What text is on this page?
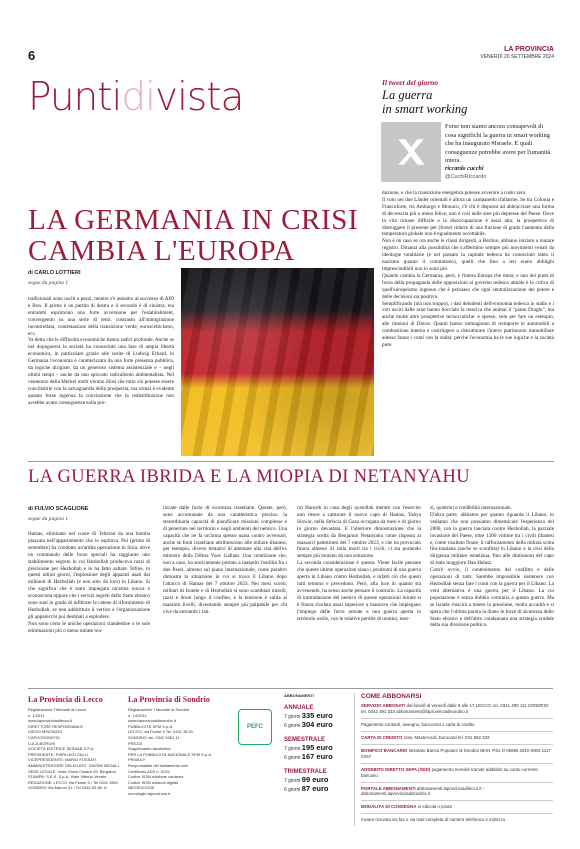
6	LA PROVINCIA
VENERDÌ 20 SETTEMBRE 2024
Puntidivista	Il tweet del giorno
La guerra
in smart working
Forse non siamo ancora consapevoli di cosa significhi la guerra in smart working che ha inaugurato #Israele. E quali conseguenze potrebbe avere per l'umanità intera.
riccardo cucchi
@CuchiRiccardo
LA GERMANIA IN CRISI
CAMBIA L'EUROPA
di CARLO LOTTIERI
segue da pagina 1
tradizionali sono usciti a pezzi, mentre s'è assistito al successo di AfD e Bsw. Il primo è un partito di destra e il secondo è di sinistra, ma entrambi esprimono una forte avversione per l'establishment, convergendo su una serie di temi: contrasto all'immigrazione incontrollata, contestazione della transizione verde, euroscetticismo, ecc.
Va detto che le difficoltà economiche hanno radici profonde. Anche se nel dopoguerra la società ha conosciuto una fase di ampia libertà economica, in particolare grazie alle scelte di Ludwig Erhard, in Germania l'economia è caratterizzata da una forte presenza pubblica, da logiche dirigiste, da un generoso sistema assistenziale e – negli ultimi tempi – anche da uno spiccato radicalismo ambientalista. Nel ventennio della Merkel molti s'erano illusi che tutto ciò potesse essere conciliabile con la salvaguardia della prosperità, ma ormai è evidente quanto fosse ingenua la convinzione che la redistribuzione non avrebbe avuto conseguenze sulla pro-
duzione, e che la transizione energetica potesse avvenire a costo zero.
Il voto nei due Länder orientali è allora un campanello d'allarme. Se tra Colonia e Francoforte, tra Amburgo e Monaco, c'è chi è disposto ad abbracciare una forma di decrescita più o meno felice, non è così nelle aree più depresse del Paese. Dove la vita rimane difficile e la disoccupazione è assai alta, la prospettiva di distruggere il presente per (forse) ridurre di una frazione di grado l'aumento della temperatura globale non è egualmente accettabile.
Non è un caso se ora anche le classi dirigenti, a Berlino, abbiano iniziato a mutare registro. Dinanzi alla possibilità che s'affermino sempre più movimenti venati da ideologie totalitarie (e nel passato la capitale tedesca ha conosciuto tanto il nazismo quanto il comunismo), quelli che fino a ieri erano obblighi imprescindibili non lo sono più.
Quando cambia la Germania, però, è l'intera Europa che muta; e uno dei punti di forza della propaganda delle opposizioni al governo tedesco attuale è la critica di quell'europeismo ingenuo che è persuaso che ogni centralizzazione del potere e delle decisioni sia positiva.
Semplificando (ma non troppo), i dati deludenti dell'economia tedesca in stallo e i voti usciti dalle urne hanno bocciato la retorica che animai il "piano Draghi", ma anche molte altre prospettive tecnocratiche: e spesso, solo per fare un esempio, alle riunioni di Davos. Quanti hanno immaginato di reimporre le automobili a combustione interna e costringere a ristrutturare l'intero patrimonio immobiliare adesso fanno i conti con la realtà: perché l'economia ha le sue logiche e la società pure.
LA GUERRA IBRIDA E LA MIOPIA DI NETANYAHU
di FULVIO SCAGLIONE
segue da pagina 1
Hamas, eliminato nel cuore di Teheran da una bomba piazzata nell'appartamento che lo ospitava. Poi (primo di settembre) ha condotto un'ardita operazione in Siria, dove un commando delle forze speciali ha raggiunto uno stabilimento segreto in cui Hezbollah produceva razzi di precisione per Hezbollah e lo ha fatto saltare. Infine, in questi ultimi giorni, l'esplosione degli apparati usati dai militanti di Hezbollah (e non solo da loro) in Libano. Si che significa che è stato impiegata un'arma nuova e sconosciuta oppure che i servizi segreti dello Stato ebraico sono stati in grado di infiltrare le catene di rifornimento di Hezbollah, se non addirittura il vertice e l'organizzazione gli apparecchi poi destinati a esplodere.
Non sono certo le uniche operazioni clandestine o le sole eliminazioni più o meno mirate rea-
lizzate dalle forze di sicurezza israeliane. Queste, però, sono accomunate da una caratteristica precisa: la straordinaria capacità di pianificare missioni complesse e di penetrare nel territorio e negli ambienti del nemico. Una capacità che ne fa un'arma spesso usata contro avversari, anche se fonti israeliane attribuiscono alle milizie libanesi, per esempio, diversi tentativi di attentare alla vita dell'ex ministro della Difesa Yoav Gallant. Una condizione che, non a caso, ha storicamente portato a inaspriti l'ostilità fra i due Paesi, almeno sul piano internazionale, come peraltro dimostra la situazione in cui si trova il Libano dopo l'attacco di Hamas del 7 ottobre 2023. Nei mesi scorsi, militari di Israele e di Hezbollah si sono scambiati missili, razzi e droni lungo il confine, e la tensione è salita ai massimi livelli, diventando sempre più palpabile per chi vive da entrambi i lati.
ra) Hanyeh in casa degli ayatollah mentre con l'esercito non riesce a catturare il nuovo capo di Hamas, Yahya Sinwar, nella Striscia di Gaza occupata da mesi e di giorno in giorno devastata. E l'ulteriore dimostrazione che la strategia scelta da Benjamin Netanyahu come risposta ai massacri palestinesi del 7 ottobre 2023, e che ha provocato finora almeno 41 mila morti tra i civili, ci sta portando sempre più lontano da una soluzione.
La seconda considerazione è questa. Viene facile pensare che queste ultime operazioni siano i prodromi di una guerra aperta in Libano contro Hezbollah, e infatti ciò che questi tutti temono e prevedono. Però, alla luce di quanto sta avvenendo, ha senso anche pensare il contrario. La capacità di intimidazione del nemico di queste operazioni mirate si è finora rivelata assai superiore a manovre che impiegano l'impiego delle forze armate e una guerra aperta in territorio ostile, con le relative perdite di uomini, mez-
zi, quattrini e credibilità internazionale.
D'altra parte, abbiamo per quanto riguarda il Libano, lo vediamo che non possiamo dimenticare l'esperienza del 2006, con la guerra lanciata contro Hezbollah, la parziale invasione del Paese, oltre 1200 vittime tra i civili libanesi e, come risultato finale, il rafforzamento della milizia sciita filo-iraniana (anche se sconfitta) in Libano e la crisi della dirigenza militare israeliana, fino alle dimissioni del capo di stato maggiore Dan Halutz.
Com'è ovvio, il contenimento del conflitto e delle operazioni di tutti. Sarebbe impossibile sostenere con Hezbollah senza fare i conti con la guerra per il Libano. La vera alternativa è una guerra per il Libano. La cui popolazione è senza dubbio contraria a questa guerra. Ma se Israele riuscirà a tenere la pressione, molto accadrà e si spera che l'ultima parola la diano le forze di sicurezza dello Stato ebraico e dell'altro condannata una strategia crudele della sua direzione politica.
La Provincia di Lecco
Registrazione Tribunale di Lecco
n. 1/2011
www.laprovinciadilecco.it
DIRETTORE RESPONSABILE
DIEGO MINONZIO
CAPOCRONISTA
LUCA BORGHI
SOCIETÀ EDITRICE SESAAB S.P.A.
PRESIDENTE: PIERLUIGI GALLI
VICEPRESIDENTE: MARIO FOSSATI
AMMINISTRATORE DELEGATO: DAVIDE BEGALI
SEDE LEGALE: Viale Giulio Cesare 29, Bergamo
STAMPA: S.E.S. S.p.A. Viale Vittorio Veneto
REDAZIONE: LECCO Via Fiume 3 / Tel 0341 3591
SONDRIO Via Maroni 31 / Tel 0342 53 86 11
La Provincia di Sondrio
Registrazione Tribunale di Sondrio
n. 14/2011
www.laprovinciadisondrio.it
PUBBLICITÀ SPM S.p.A.
LECCO: via Fiume 3 Tel. 0341 35 91
SONDRIO: tel. 0342 5351 11
PREZZI
Supplemento facoltativo
PER LA PUBBLICITÀ NAZIONALE SPM S.p.A.
PRIVACY
Responsabile del trattamento dati
Certificato ADS n. 9125
Codice ISSN edizione cartacea
Codice ISSN edizioni digitali
NECROLOGIE
necrologie.laprovincia.it
PEFC
ABBONAMENTI
ANNUALE
7 giorni 335 euro
6 giorni 304 euro
SEMESTRALE
7 giorni 195 euro
6 giorni 167 euro
TRIMESTRALE
7 giorni 99 euro
6 giorni 87 euro
COME ABBONARSI
SERVIZIO ABBONATI dal lunedì al venerdì dalle 9 alle 17 LECCO: tel. 0341 490 111 SONDRIO: tel. 0342 391 333 abbonamenti@laprovinciadisondrio.it
Pagamento contanti, assegno, bancomat o carta di credito
CARTA DI CREDITO Visa, Mastercard, Eurocard tel. 031 582 333
BONIFICO BANCARIO Intestato Banca Popolare di Sondrio IBAN IT61 O 05696 2910 0000 1117 2X57
ADDEBITO DIRETTO SEPA (SDD) pagamento mensile tramite addebito su conto corrente bancario
PORTALE ABBONAMENTI abbonamenti.laprovinciadilecco.it - abbonamenti.laprovinciadisondrio.it
MODALITÀ DI CONSEGNA in edicola o posta
Inviare ricevuta via fax o via mail completa di numero telefonico e indirizzo
